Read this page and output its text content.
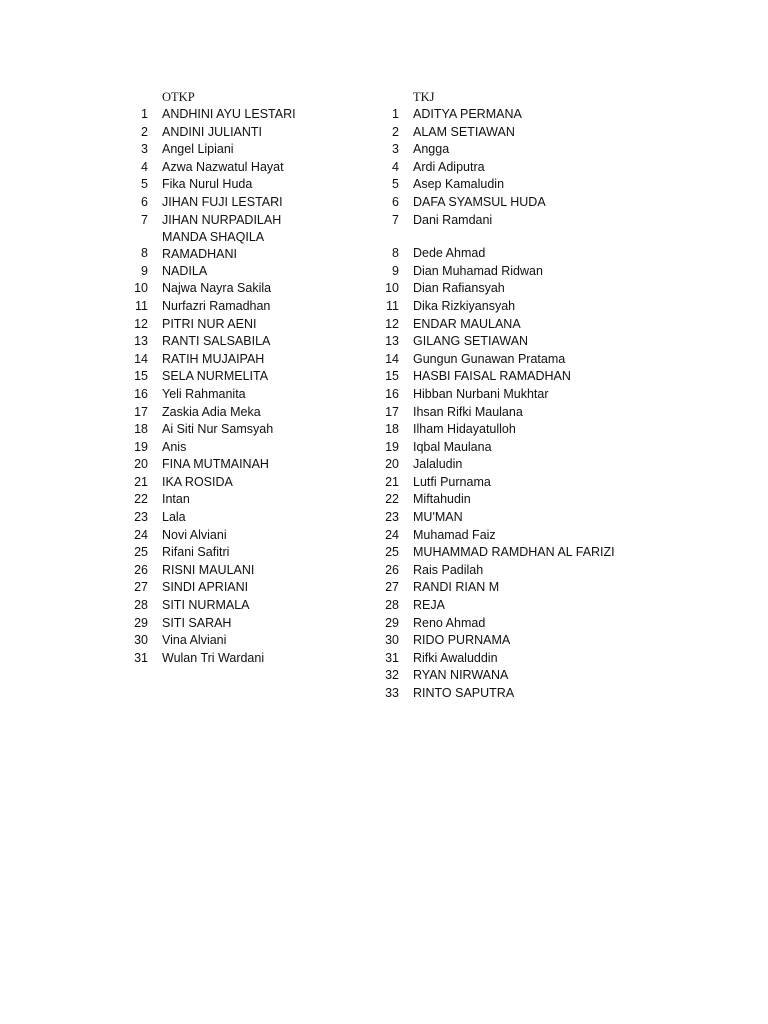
OTKP
1 ANDHINI AYU LESTARI
2 ANDINI JULIANTI
3 Angel Lipiani
4 Azwa Nazwatul Hayat
5 Fika Nurul Huda
6 JIHAN FUJI LESTARI
7 JIHAN NURPADILAH
8
MANDA SHAQILA
RAMADHANI
9 NADILA
10 Najwa Nayra Sakila
11 Nurfazri Ramadhan
12 PITRI NUR AENI
13 RANTI SALSABILA
14 RATIH MUJAIPAH
15 SELA NURMELITA
16 Yeli Rahmanita
17 Zaskia Adia Meka
18 Ai Siti Nur Samsyah
19 Anis
20 FINA MUTMAINAH
21 IKA ROSIDA
22 Intan
23 Lala
24 Novi Alviani
25 Rifani Safitri
26 RISNI MAULANI
27 SINDI APRIANI
28 SITI NURMALA
29 SITI SARAH
30 Vina Alviani
31 Wulan Tri Wardani
TKJ
1 ADITYA PERMANA
2 ALAM SETIAWAN
3 Angga
4 Ardi Adiputra
5 Asep Kamaludin
6 DAFA SYAMSUL HUDA
7 Dani Ramdani
8 Dede Ahmad
9 Dian Muhamad Ridwan
10 Dian Rafiansyah
11 Dika Rizkiyansyah
12 ENDAR MAULANA
13 GILANG SETIAWAN
14 Gungun Gunawan Pratama
15 HASBI FAISAL RAMADHAN
16 Hibban Nurbani Mukhtar
17 Ihsan Rifki Maulana
18 Ilham Hidayatulloh
19 Iqbal Maulana
20 Jalaludin
21 Lutfi Purnama
22 Miftahudin
23 MU'MAN
24 Muhamad Faiz
25 MUHAMMAD RAMDHAN AL FARIZI
26 Rais Padilah
27 RANDI RIAN M
28 REJA
29 Reno Ahmad
30 RIDO PURNAMA
31 Rifki Awaluddin
32 RYAN NIRWANA
33 RINTO SAPUTRA
